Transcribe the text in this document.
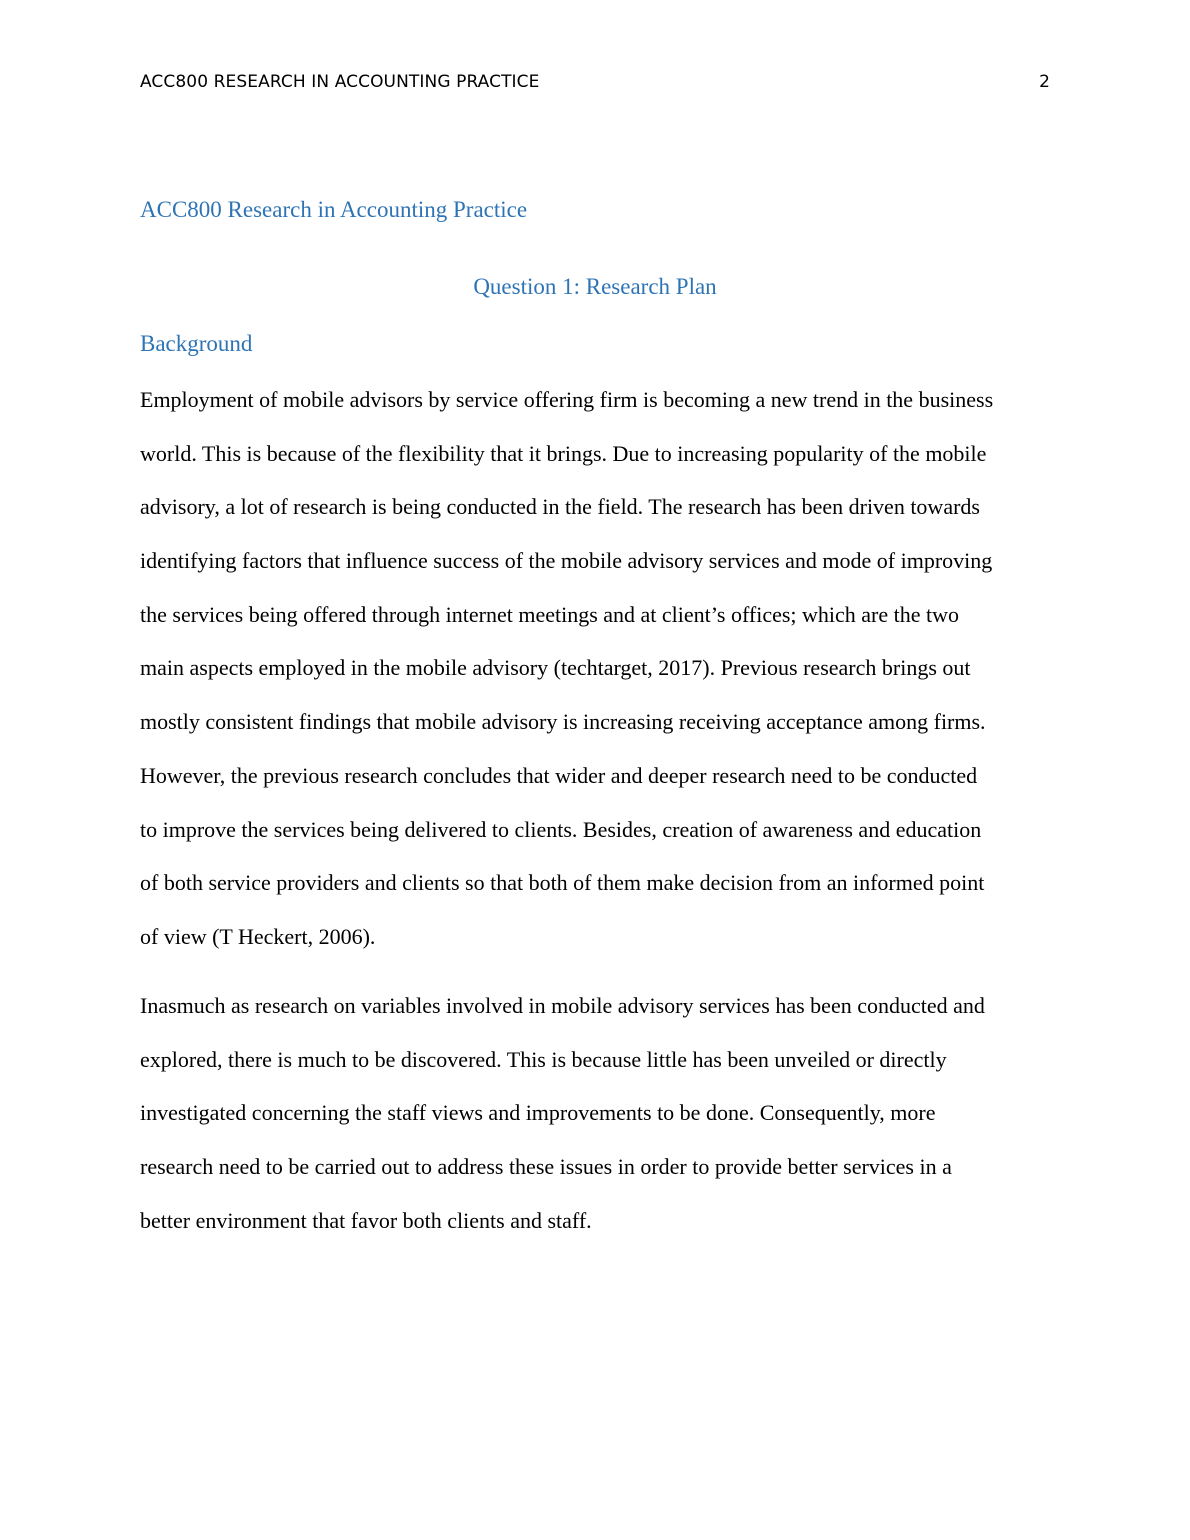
ACC800 RESEARCH IN ACCOUNTING PRACTICE	2
ACC800 Research in Accounting Practice
Question 1: Research Plan
Background

Employment of mobile advisors by service offering firm is becoming a new trend in the business
world. This is because of the flexibility that it brings. Due to increasing popularity of the mobile
advisory, a lot of research is being conducted in the field. The research has been driven towards
identifying factors that influence success of the mobile advisory services and mode of improving
the services being offered through internet meetings and at client’s offices; which are the two
main aspects employed in the mobile advisory (techtarget, 2017). Previous research brings out
mostly consistent findings that mobile advisory is increasing receiving acceptance among firms.
However, the previous research concludes that wider and deeper research need to be conducted
to improve the services being delivered to clients. Besides, creation of awareness and education
of both service providers and clients so that both of them make decision from an informed point
of view (T Heckert, 2006).

Inasmuch as research on variables involved in mobile advisory services has been conducted and
explored, there is much to be discovered. This is because little has been unveiled or directly
investigated concerning the staff views and improvements to be done. Consequently, more
research need to be carried out to address these issues in order to provide better services in a
better environment that favor both clients and staff.
